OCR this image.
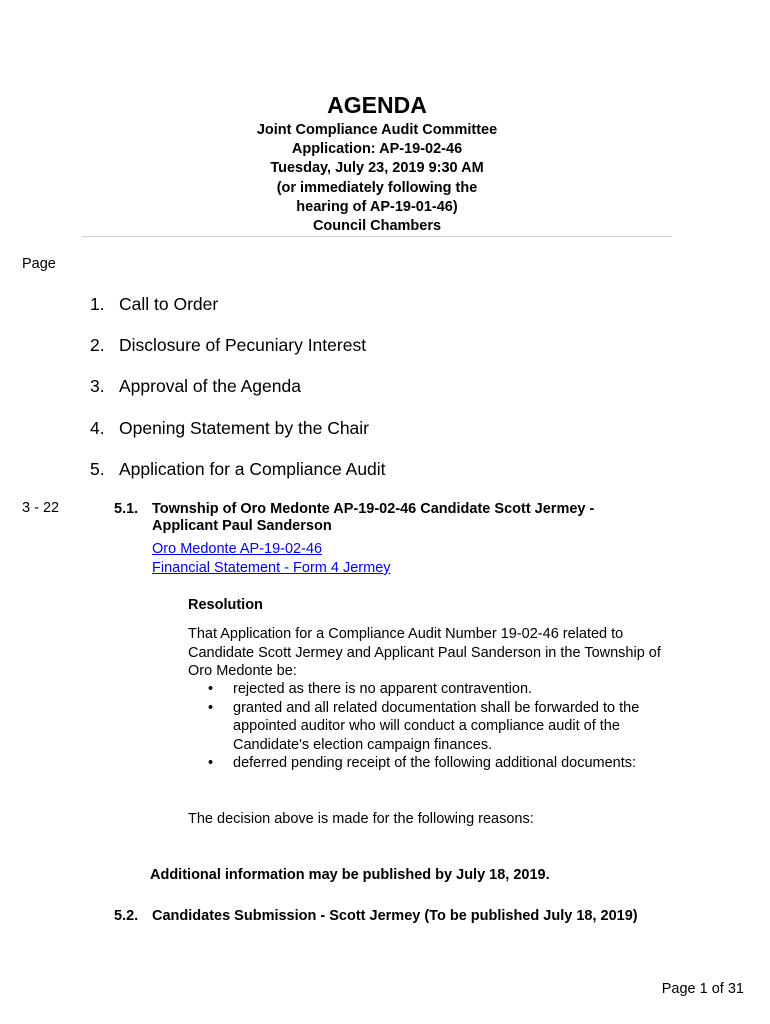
AGENDA
Joint Compliance Audit Committee
Application: AP-19-02-46
Tuesday, July 23, 2019 9:30 AM
(or immediately following the
hearing of AP-19-01-46)
Council Chambers
Page
1. Call to Order
2. Disclosure of Pecuniary Interest
3. Approval of the Agenda
4. Opening Statement by the Chair
5. Application for a Compliance Audit
3 - 22	5.1. Township of Oro Medonte AP-19-02-46 Candidate Scott Jermey -
Applicant Paul Sanderson
Oro Medonte AP-19-02-46
Financial Statement - Form 4 Jermey
Resolution
That Application for a Compliance Audit Number 19-02-46 related to Candidate Scott Jermey and Applicant Paul Sanderson in the Township of Oro Medonte be:
• rejected as there is no apparent contravention.
• granted and all related documentation shall be forwarded to the appointed auditor who will conduct a compliance audit of the Candidate's election campaign finances.
• deferred pending receipt of the following additional documents:
The decision above is made for the following reasons:
Additional information may be published by July 18, 2019.
5.2. Candidates Submission - Scott Jermey (To be published July 18, 2019)
Page 1 of 31
